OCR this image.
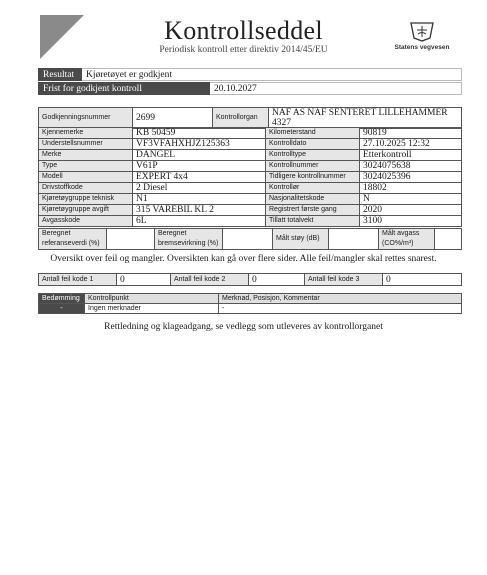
Kontrollseddel
Periodisk kontroll etter direktiv 2014/45/EU	Statens vegvesen
Resultat	Kjøretøyet er godkjent
Frist for godkjent kontroll	20.10.2027
Godkjenningsnummer	2699	Kontrollorgan	NAF AS NAF SENTERET LILLEHAMMER 4327
Kjennemerke	KB 50459	Kilometerstand	90819
Understellsnummer	VF3VFAHXHJZ125363	Kontrolldato	27.10.2025 12:32
Merke	DANGEL	Kontrolltype	Etterkontroll
Type	V61P	Kontrollnummer	3024075638
Modell	EXPERT 4x4	Tidligere kontrollnummer	3024025396
Drivstoffkode	2 Diesel	Kontrollør	18802
Kjøretøygruppe teknisk	N1	Nasjonalitetskode	N
Kjøretøygruppe avgift	315 VAREBIL KL 2	Registrert første gang	2020
Avgasskode	6L	Tillatt totalvekt	3100
Beregnet referanseverdi (%)		Beregnet bremsevirkning (%)		Målt støy (dB)		Målt avgass (CO%/m³)	
Oversikt over feil og mangler. Oversikten kan gå over flere sider. Alle feil/mangler skal rettes snarest.
Antall feil kode 1	0	Antall feil kode 2	0	Antall feil kode 3	0
Bedømming	Kontrollpunkt	Merknad, Posisjon, Kommentar
-	Ingen merknader	-
Rettledning og klageadgang, se vedlegg som utleveres av kontrollorganet
